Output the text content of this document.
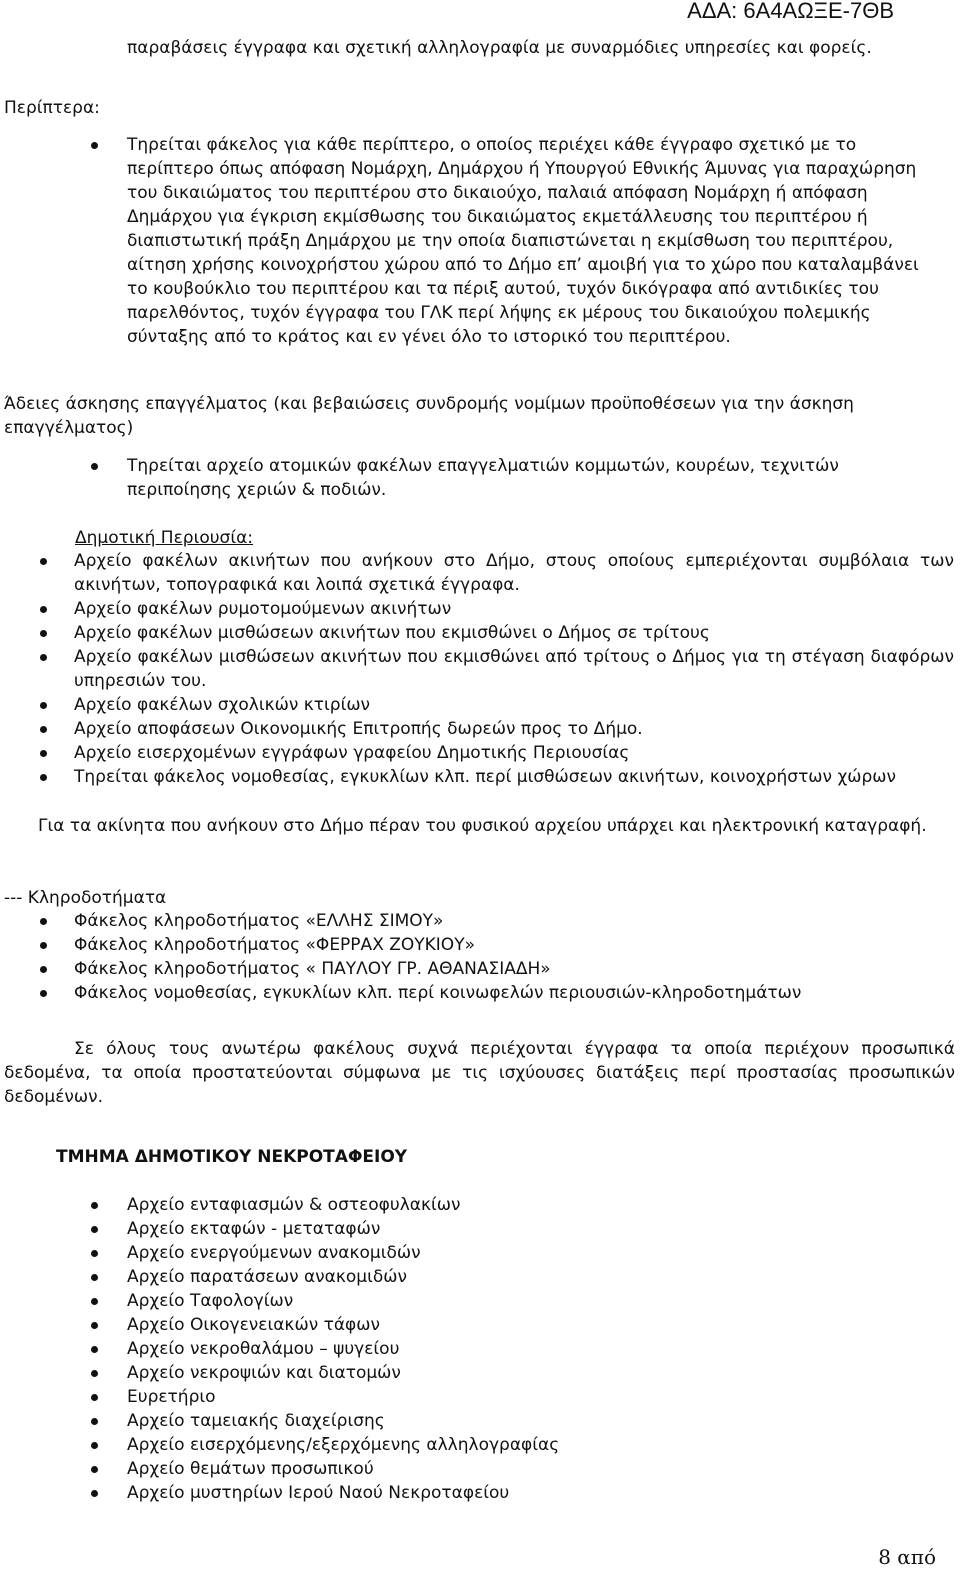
ΑΔΑ: 6Α4ΑΩΞΕ-7ΘΒ
παραβάσεις έγγραφα και σχετική αλληλογραφία με συναρμόδιες υπηρεσίες και φορείς.
Περίπτερα:
Τηρείται φάκελος για κάθε περίπτερο, ο οποίος περιέχει κάθε έγγραφο σχετικό με το περίπτερο όπως απόφαση Νομάρχη, Δημάρχου ή Υπουργού Εθνικής Άμυνας για παραχώρηση του δικαιώματος του περιπτέρου στο δικαιούχο, παλαιά απόφαση Νομάρχη ή απόφαση Δημάρχου για έγκριση εκμίσθωσης του δικαιώματος εκμετάλλευσης του περιπτέρου ή διαπιστωτική πράξη Δημάρχου με την οποία διαπιστώνεται η εκμίσθωση του περιπτέρου, αίτηση χρήσης κοινοχρήστου χώρου από το Δήμο επ’ αμοιβή για το χώρο που καταλαμβάνει το κουβούκλιο του περιπτέρου και τα πέριξ αυτού, τυχόν δικόγραφα από αντιδικίες του παρελθόντος, τυχόν έγγραφα του ΓΛΚ περί λήψης εκ μέρους του δικαιούχου πολεμικής σύνταξης από το κράτος και εν γένει όλο το ιστορικό του περιπτέρου.
Άδειες άσκησης επαγγέλματος (και βεβαιώσεις συνδρομής νομίμων προϋποθέσεων για την άσκηση επαγγέλματος)
Τηρείται αρχείο ατομικών φακέλων επαγγελματιών κομμωτών, κουρέων, τεχνιτών περιποίησης χεριών & ποδιών.
Δημοτική Περιουσία:
Αρχείο φακέλων ακινήτων που ανήκουν στο Δήμο, στους οποίους εμπεριέχονται συμβόλαια των ακινήτων, τοπογραφικά και λοιπά σχετικά έγγραφα.
Αρχείο φακέλων ρυμοτομούμενων ακινήτων
Αρχείο φακέλων μισθώσεων ακινήτων που εκμισθώνει ο Δήμος σε τρίτους
Αρχείο φακέλων μισθώσεων ακινήτων που εκμισθώνει από τρίτους ο Δήμος για τη στέγαση διαφόρων υπηρεσιών του.
Αρχείο φακέλων σχολικών κτιρίων
Αρχείο αποφάσεων Οικονομικής Επιτροπής δωρεών προς το Δήμο.
Αρχείο εισερχομένων εγγράφων γραφείου Δημοτικής Περιουσίας
Τηρείται φάκελος νομοθεσίας, εγκυκλίων κλπ. περί μισθώσεων ακινήτων, κοινοχρήστων χώρων
Για τα ακίνητα που ανήκουν στο Δήμο πέραν του φυσικού αρχείου υπάρχει και ηλεκτρονική καταγραφή.
--- Κληροδοτήματα
Φάκελος κληροδοτήματος «ΕΛΛΗΣ ΣΙΜΟΥ»
Φάκελος κληροδοτήματος «ΦΕΡΡΑΧ ΖΟΥΚΙΟΥ»
Φάκελος κληροδοτήματος « ΠΑΥΛΟΥ ΓΡ. ΑΘΑΝΑΣΙΑΔΗ»
Φάκελος νομοθεσίας, εγκυκλίων κλπ. περί κοινωφελών περιουσιών-κληροδοτημάτων
Σε όλους τους ανωτέρω φακέλους συχνά περιέχονται έγγραφα τα οποία περιέχουν προσωπικά δεδομένα, τα οποία προστατεύονται σύμφωνα με τις ισχύουσες διατάξεις περί προστασίας προσωπικών δεδομένων.
ΤΜΗΜΑ ΔΗΜΟΤΙΚΟΥ ΝΕΚΡΟΤΑΦΕΙΟΥ
Αρχείο ενταφιασμών & οστεοφυλακίων
Αρχείο εκταφών - μεταταφών
Αρχείο ενεργούμενων ανακομιδών
Αρχείο παρατάσεων ανακομιδών
Αρχείο Ταφολογίων
Αρχείο Οικογενειακών τάφων
Αρχείο νεκροθαλάμου – ψυγείου
Αρχείο νεκροψιών και διατομών
Ευρετήριο
Αρχείο ταμειακής διαχείρισης
Αρχείο εισερχόμενης/εξερχόμενης αλληλογραφίας
Αρχείο θεμάτων προσωπικού
Αρχείο μυστηρίων Ιερού Ναού Νεκροταφείου
8 από
